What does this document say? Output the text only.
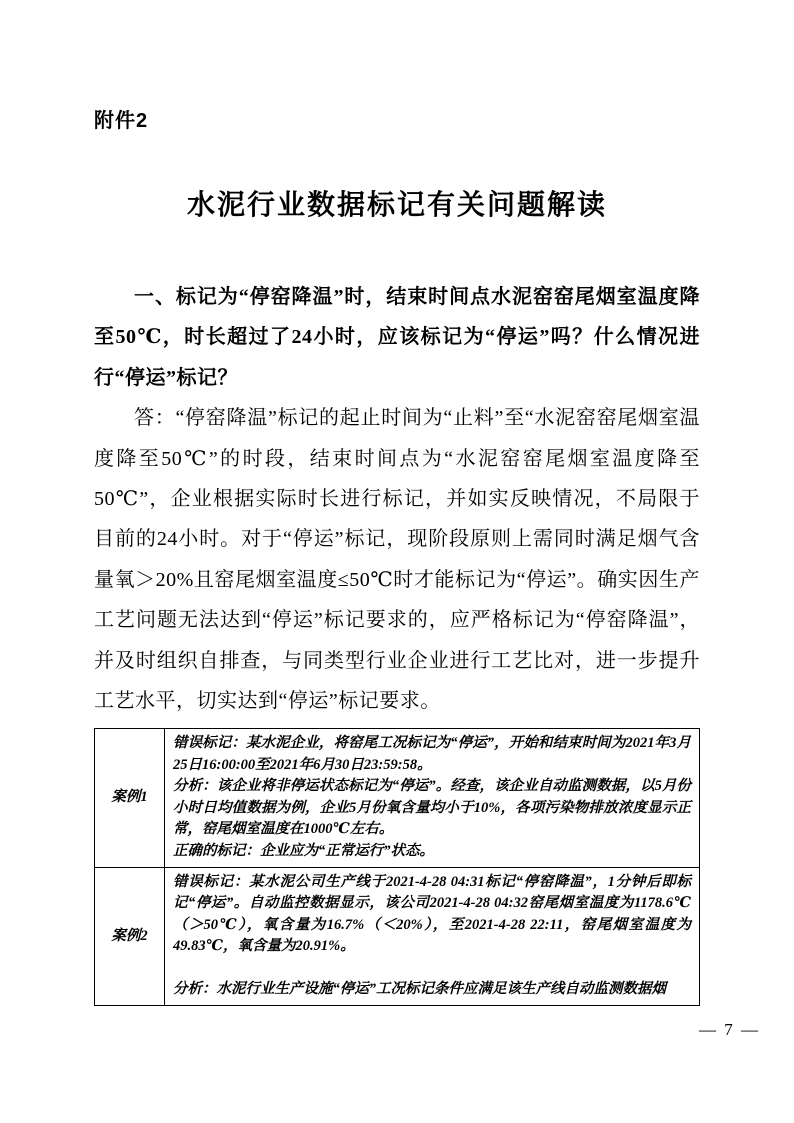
附件2
水泥行业数据标记有关问题解读

一、标记为“停窑降温”时，结束时间点水泥窑窑尾烟室温度降至50℃，时长超过了24小时，应该标记为“停运”吗？什么情况进行“停运”标记？

答：“停窑降温”标记的起止时间为“止料”至“水泥窑窑尾烟室温度降至50℃”的时段，结束时间点为“水泥窑窑尾烟室温度降至50℃”，企业根据实际时长进行标记，并如实反映情况，不局限于目前的24小时。对于“停运”标记，现阶段原则上需同时满足烟气含量氧＞20%且窑尾烟室温度≤50℃时才能标记为“停运”。确实因生产工艺问题无法达到“停运”标记要求的，应严格标记为“停窑降温”，并及时组织自排查，与同类型行业企业进行工艺比对，进一步提升工艺水平，切实达到“停运”标记要求。

案例1	错误标记：某水泥企业，将窑尾工况标记为“停运”，开始和结束时间为2021年3月25日16:00:00至2021年6月30日23:59:58。

分析：该企业将非停运状态标记为“停运”。经查，该企业自动监测数据，以5月份小时日均值数据为例，企业5月份氧含量均小于10%，各项污染物排放浓度显示正常，窑尾烟室温度在1000℃左右。

正确的标记：企业应为“正常运行”状态。

案例2	错误标记：某水泥公司生产线于2021-4-28 04:31标记“停窑降温”，1分钟后即标记“停运”。自动监控数据显示，该公司2021-4-28 04:32窑尾烟室温度为1178.6℃（＞50℃），氧含量为16.7%（＜20%），至2021-4-28 22:11，窑尾烟室温度为49.83℃，氧含量为20.91%。

分析：水泥行业生产设施“停运”工况标记条件应满足该生产线自动监测数据烟

— 7 —
